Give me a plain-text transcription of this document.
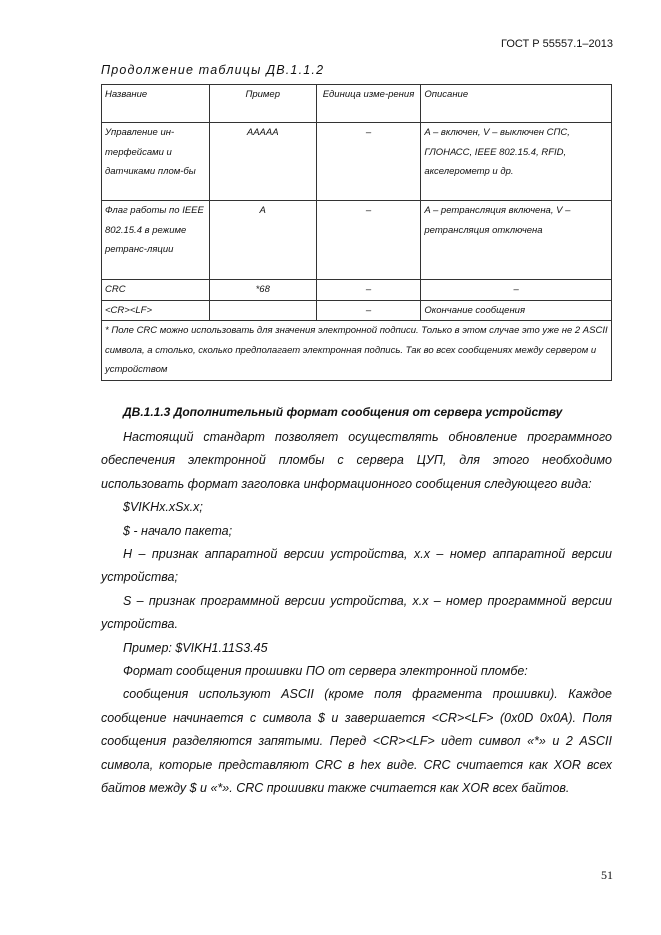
ГОСТ Р 55557.1–2013
Продолжение таблицы ДВ.1.1.2
Название	Пример	Единица изме-рения	Описание
Управление ин-терфейсами и датчиками плом-бы	AAAAA	–	A – включен, V – выключен СПС, ГЛОНАСС, IEEE 802.15.4, RFID, акселерометр и др.
Флаг работы по IEEE 802.15.4 в режиме ретранс-ляции	A	–	A – ретрансляция включена, V – ретрансляция отключена
CRC	*68	–	–
<CR><LF>		–	Окончание сообщения
* Поле CRC можно использовать для значения электронной подписи. Только в этом случае это уже не 2 ASCII символа, а столько, сколько предполагает электронная подпись. Так во всех сообщениях между сервером и устройством			
ДВ.1.1.3 Дополнительный формат сообщения от сервера устройству

Настоящий стандарт позволяет осуществлять обновление программного обеспечения электронной пломбы с сервера ЦУП, для этого необходимо использовать формат заголовка информационного сообщения следующего вида:

$VIKHx.xSx.x;

$ - начало пакета;

H – признак аппаратной версии устройства, x.x – номер аппаратной версии устройства;

S – признак программной версии устройства, x.x – номер программной версии устройства.

Пример: $VIKH1.11S3.45

Формат сообщения прошивки ПО от сервера электронной пломбе:

сообщения используют ASCII (кроме поля фрагмента прошивки). Каждое сообщение начинается с символа $ и завершается <CR><LF> (0x0D 0x0A). Поля сообщения разделяются запятыми. Перед <CR><LF> идет символ «*» и 2 ASCII символа, которые представляют CRC в hex виде. CRC считается как XOR всех байтов между $ и «*». CRC прошивки также считается как XOR всех байтов.

51
